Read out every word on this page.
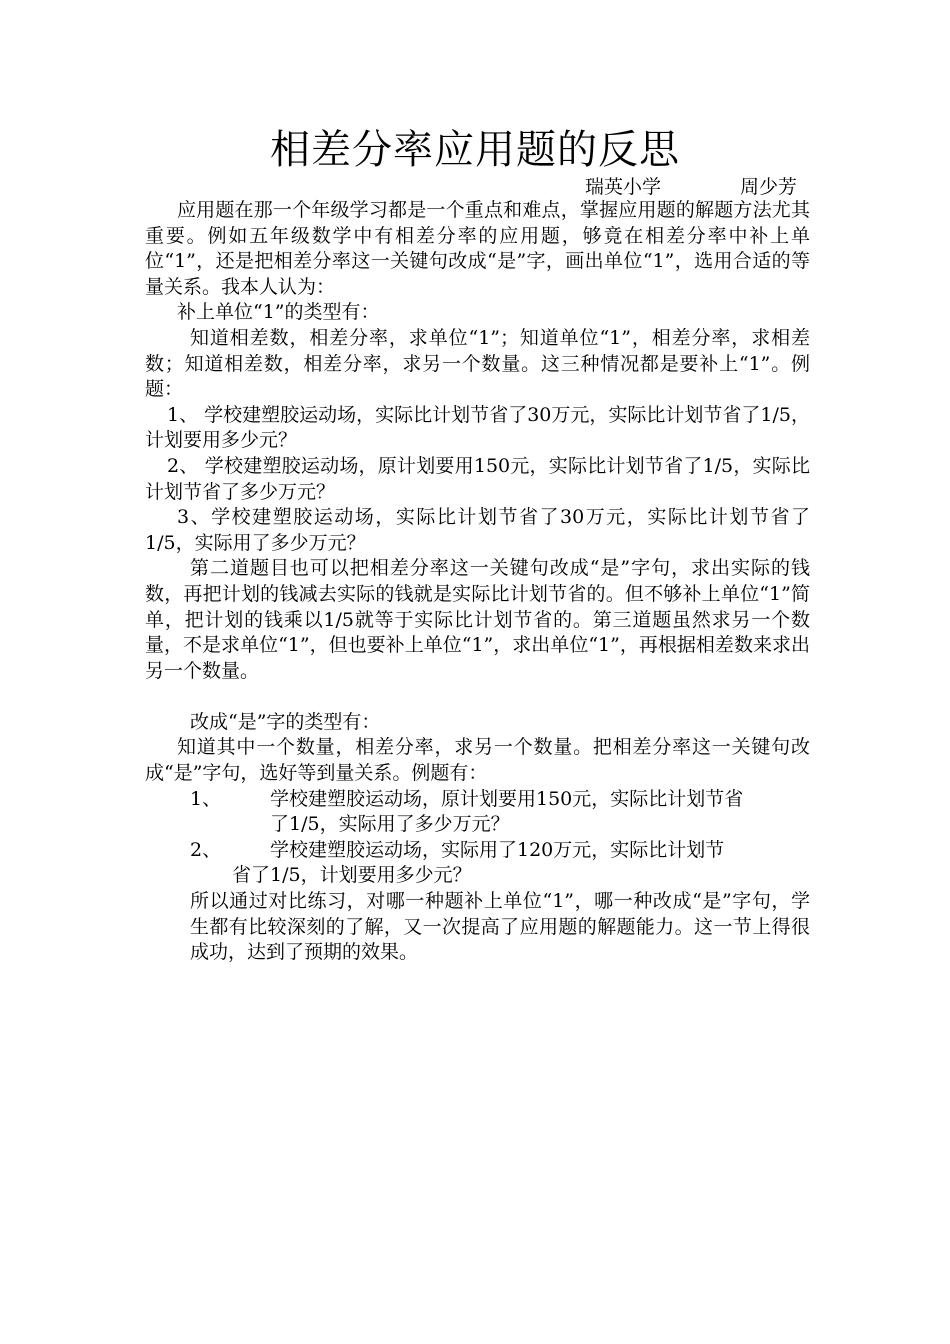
相差分率应用题的反思
瑞英小学	周少芳

应用题在那一个年级学习都是一个重点和难点，掌握应用题的解题方法尤其重要。例如五年级数学中有相差分率的应用题，够竟在相差分率中补上单位“1”，还是把相差分率这一关键句改成“是”字，画出单位“1”，选用合适的等量关系。我本人认为：

补上单位“1”的类型有：

知道相差数，相差分率，求单位“1”；知道单位“1”，相差分率，求相差数；知道相差数，相差分率，求另一个数量。这三种情况都是要补上“1”。例题：

1、 学校建塑胶运动场，实际比计划节省了30万元，实际比计划节省了1/5，计划要用多少元？

2、 学校建塑胶运动场，原计划要用150元，实际比计划节省了1/5，实际比计划节省了多少万元？

3、学校建塑胶运动场，实际比计划节省了30万元，实际比计划节省了1/5，实际用了多少万元？

第二道题目也可以把相差分率这一关键句改成“是”字句，求出实际的钱数，再把计划的钱减去实际的钱就是实际比计划节省的。但不够补上单位“1”简单，把计划的钱乘以1/5就等于实际比计划节省的。第三道题虽然求另一个数量，不是求单位“1”，但也要补上单位“1”，求出单位“1”，再根据相差数来求出另一个数量。

改成“是”字的类型有：

知道其中一个数量，相差分率，求另一个数量。把相差分率这一关键句改成“是”字句，选好等到量关系。例题有：

1、	学校建塑胶运动场，原计划要用150元，实际比计划节省
了1/5，实际用了多少万元？
2、	学校建塑胶运动场，实际用了120万元，实际比计划节
省了1/5，计划要用多少元？

所以通过对比练习，对哪一种题补上单位“1”，哪一种改成“是”字句，学生都有比较深刻的了解，又一次提高了应用题的解题能力。这一节上得很成功，达到了预期的效果。
